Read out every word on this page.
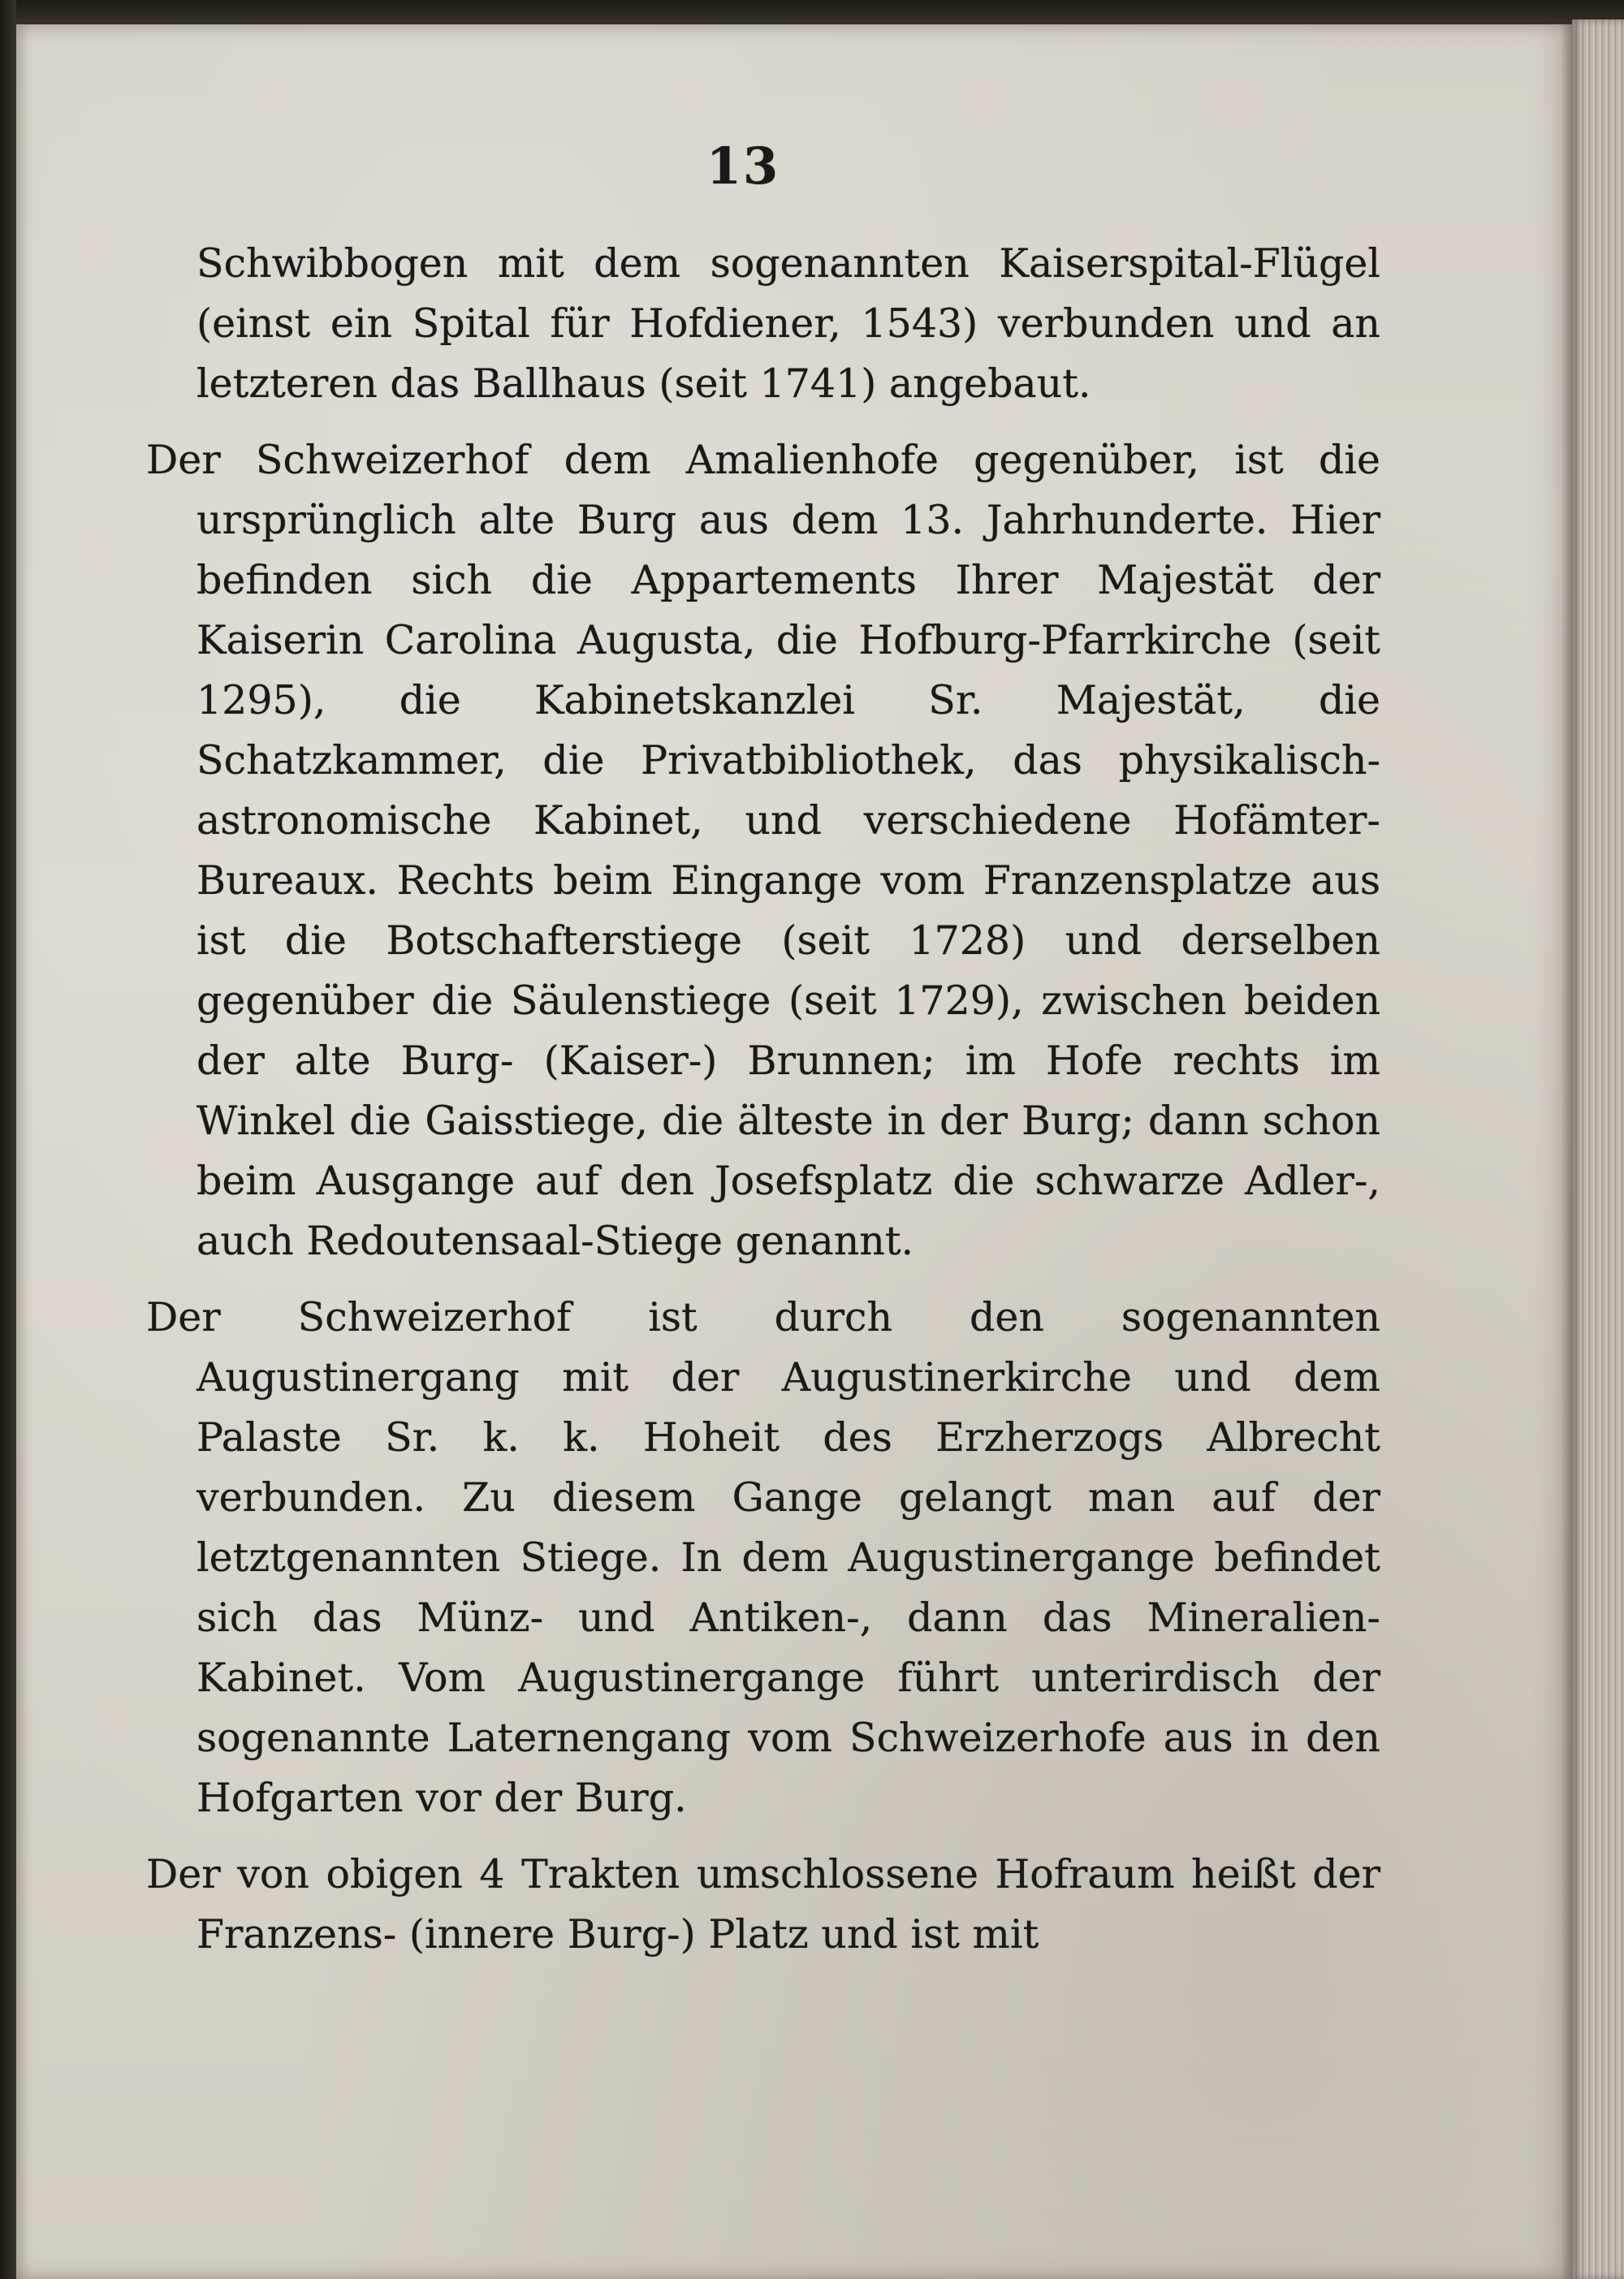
13

Schwibbogen mit dem sogenannten Kaiserspital-Flügel (einst ein Spital für Hofdiener, 1543) verbunden und an letzteren das Ballhaus (seit 1741) angebaut.

Der Schweizerhof dem Amalienhofe gegenüber, ist die ursprünglich alte Burg aus dem 13. Jahrhunderte. Hier befinden sich die Appartements Ihrer Majestät der Kaiserin Carolina Augusta, die Hofburg-Pfarrkirche (seit 1295), die Kabinetskanzlei Sr. Majestät, die Schatzkammer, die Privatbibliothek, das physikalisch-astronomische Kabinet, und verschiedene Hofämter-Bureaux. Rechts beim Eingange vom Franzensplatze aus ist die Botschafterstiege (seit 1728) und derselben gegenüber die Säulenstiege (seit 1729), zwischen beiden der alte Burg- (Kaiser-) Brunnen; im Hofe rechts im Winkel die Gaisstiege, die älteste in der Burg; dann schon beim Ausgange auf den Josefsplatz die schwarze Adler-, auch Redoutensaal-Stiege genannt.

Der Schweizerhof ist durch den sogenannten Augustinergang mit der Augustinerkirche und dem Palaste Sr. k. k. Hoheit des Erzherzogs Albrecht verbunden. Zu diesem Gange gelangt man auf der letztgenannten Stiege. In dem Augustinergange befindet sich das Münz- und Antiken-, dann das Mineralien-Kabinet. Vom Augustinergange führt unterirdisch der sogenannte Laternengang vom Schweizerhofe aus in den Hofgarten vor der Burg.

Der von obigen 4 Trakten umschlossene Hofraum heißt der Franzens- (innere Burg-) Platz und ist mit
